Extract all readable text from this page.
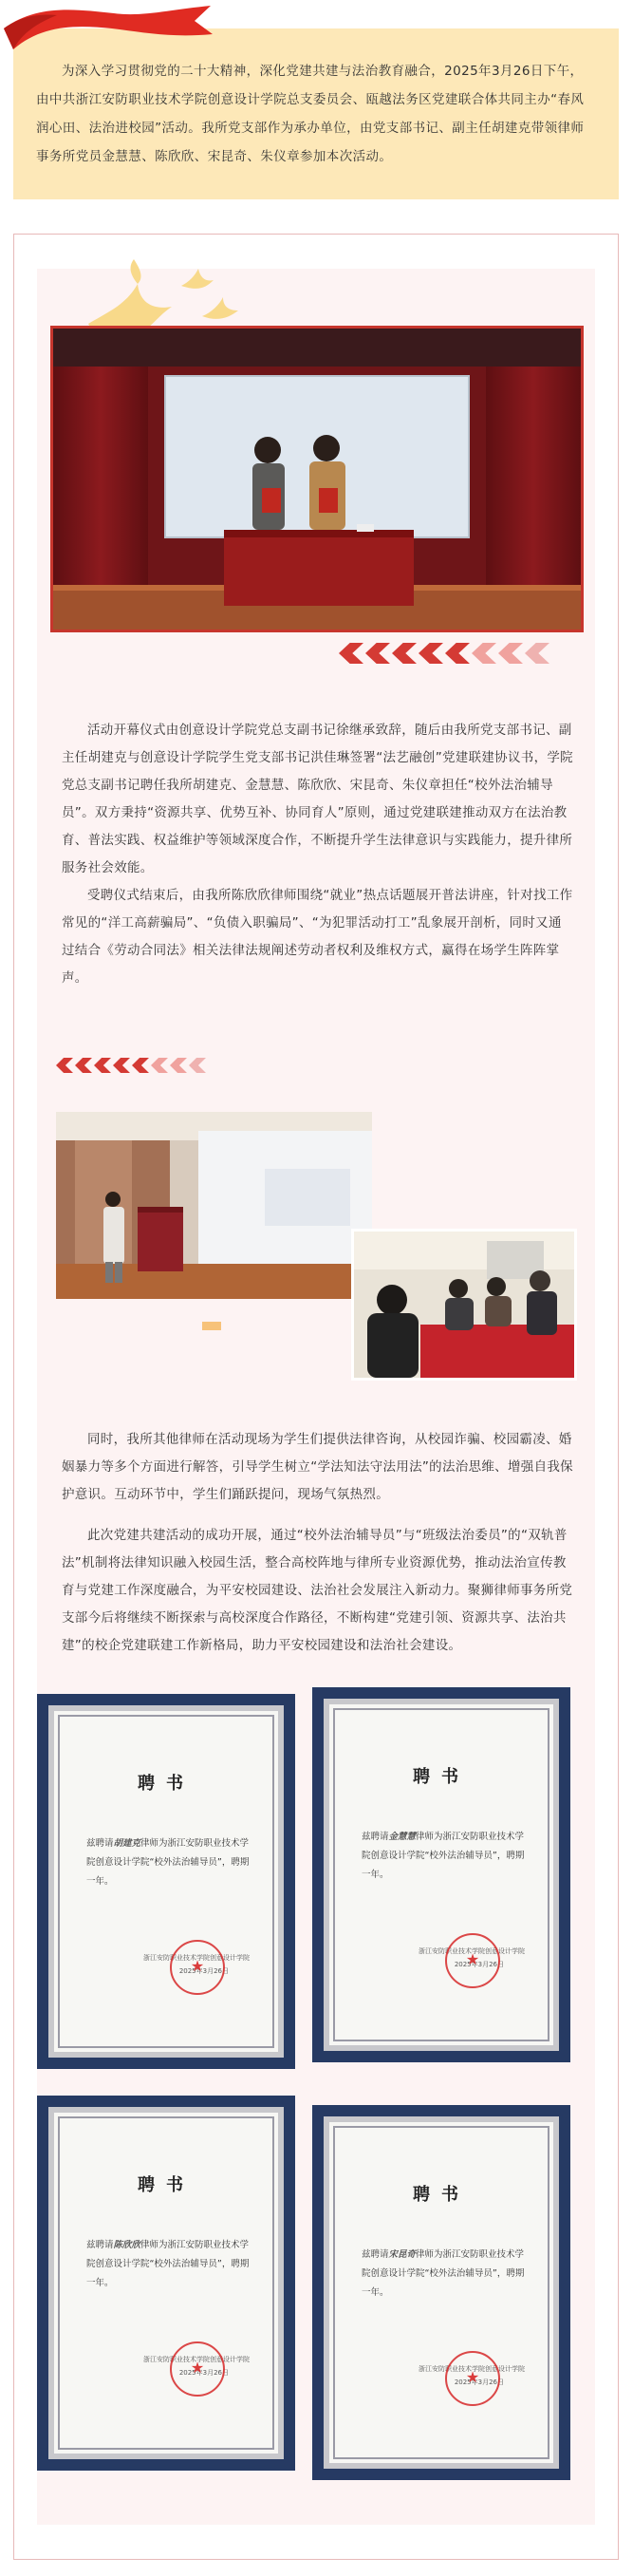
为深入学习贯彻党的二十大精神，深化党建共建与法治教育融合，2025年3月26日下午，由中共浙江安防职业技术学院创意设计学院总支委员会、瓯越法务区党建联合体共同主办“春风润心田、法治进校园”活动。我所党支部作为承办单位，由党支部书记、副主任胡建克带领律师事务所党员金慧慧、陈欣欣、宋昆奇、朱仪章参加本次活动。

活动开幕仪式由创意设计学院党总支副书记徐继承致辞，随后由我所党支部书记、副主任胡建克与创意设计学院学生党支部书记洪佳琳签署“法艺融创”党建联建协议书，学院党总支副书记聘任我所胡建克、金慧慧、陈欣欣、宋昆奇、朱仪章担任“校外法治辅导员”。双方秉持“资源共享、优势互补、协同育人”原则，通过党建联建推动双方在法治教育、普法实践、权益维护等领域深度合作，不断提升学生法律意识与实践能力，提升律所服务社会效能。

受聘仪式结束后，由我所陈欣欣律师围绕“就业”热点话题展开普法讲座，针对找工作常见的“洋工高薪骗局”、“负债入职骗局”、“为犯罪活动打工”乱象展开剖析，同时又通过结合《劳动合同法》相关法律法规阐述劳动者权利及维权方式，赢得在场学生阵阵掌声。

同时，我所其他律师在活动现场为学生们提供法律咨询，从校园诈骗、校园霸凌、婚姻暴力等多个方面进行解答，引导学生树立“学法知法守法用法”的法治思维、增强自我保护意识。互动环节中，学生们踊跃提问，现场气氛热烈。

此次党建共建活动的成功开展，通过“校外法治辅导员”与“班级法治委员”的“双轨普法”机制将法律知识融入校园生活，整合高校阵地与律所专业资源优势，推动法治宣传教育与党建工作深度融合，为平安校园建设、法治社会发展注入新动力。聚狮律师事务所党支部今后将继续不断探索与高校深度合作路径，不断构建“党建引领、资源共享、法治共建”的校企党建联建工作新格局，助力平安校园建设和法治社会建设。

聘书
兹聘请胡建克律师为浙江安防职业技术学院创意设计学院“校外法治辅导员”，聘期一年。
浙江安防职业技术学院创意设计学院
2025年3月26日
★
聘书
兹聘请金慧慧律师为浙江安防职业技术学院创意设计学院“校外法治辅导员”，聘期一年。
浙江安防职业技术学院创意设计学院
2025年3月26日
★
聘书
兹聘请陈欣欣律师为浙江安防职业技术学院创意设计学院“校外法治辅导员”，聘期一年。
浙江安防职业技术学院创意设计学院
2025年3月26日
★
聘书
兹聘请宋昆奇律师为浙江安防职业技术学院创意设计学院“校外法治辅导员”，聘期一年。
浙江安防职业技术学院创意设计学院
2025年3月26日
★
